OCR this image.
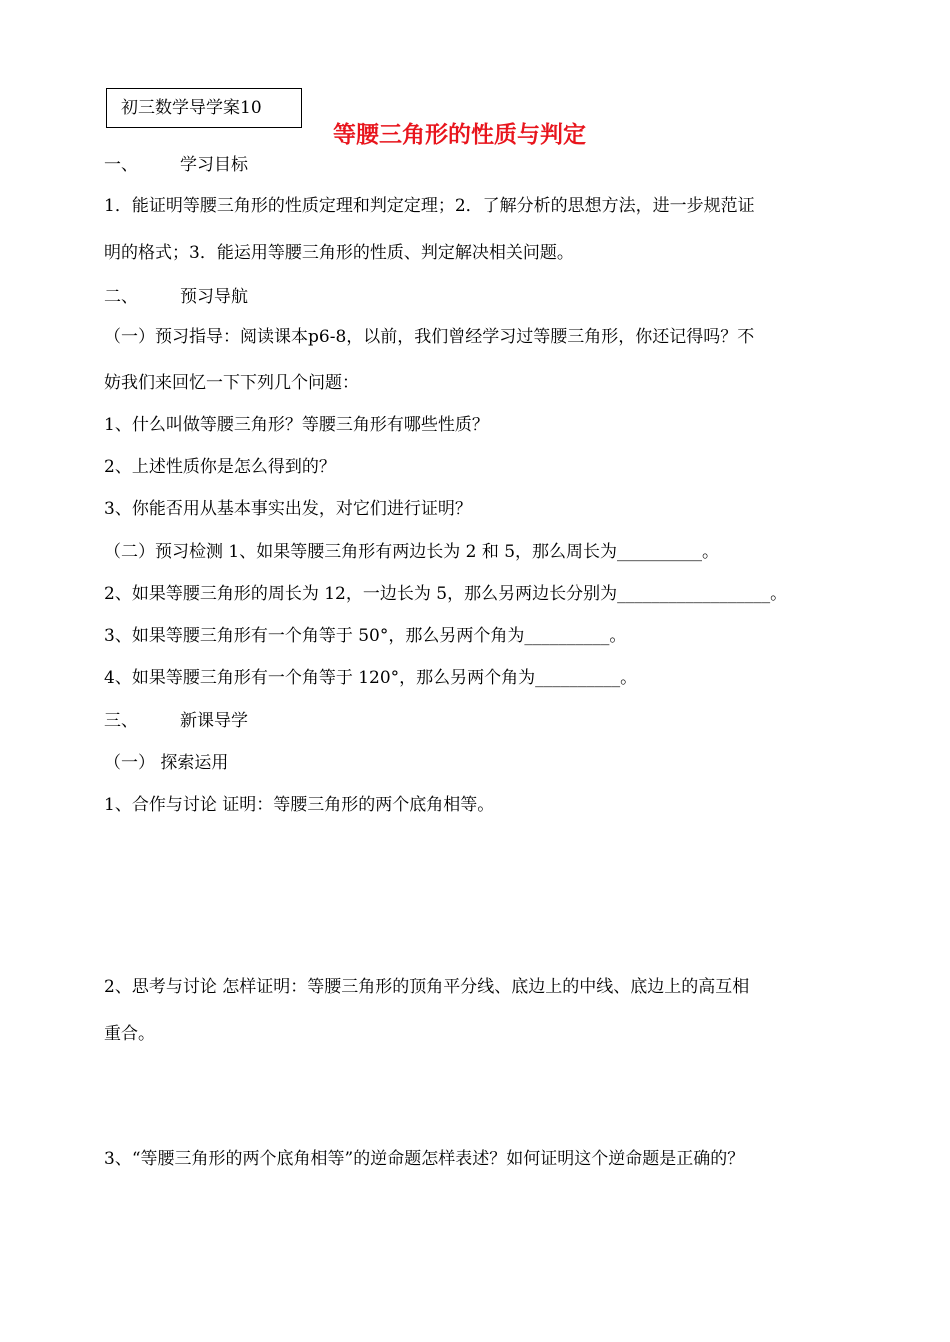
初三数学导学案10
等腰三角形的性质与判定
一、 学习目标
1．能证明等腰三角形的性质定理和判定定理；2．了解分析的思想方法，进一步规范证
明的格式；3．能运用等腰三角形的性质、判定解决相关问题。
二、 预习导航
（一）预习指导：阅读课本p6-8，以前，我们曾经学习过等腰三角形，你还记得吗？不
妨我们来回忆一下下列几个问题：
1、什么叫做等腰三角形？等腰三角形有哪些性质？
2、上述性质你是怎么得到的？
3、你能否用从基本事实出发，对它们进行证明？
（二）预习检测 1、如果等腰三角形有两边长为 2 和 5，那么周长为__________。
2、如果等腰三角形的周长为 12，一边长为 5，那么另两边长分别为__________________。
3、如果等腰三角形有一个角等于 50°，那么另两个角为__________。
4、如果等腰三角形有一个角等于 120°，那么另两个角为__________。
三、 新课导学
（一） 探索运用
1、合作与讨论 证明：等腰三角形的两个底角相等。
2、思考与讨论 怎样证明：等腰三角形的顶角平分线、底边上的中线、底边上的高互相
重合。
3、“等腰三角形的两个底角相等”的逆命题怎样表述？如何证明这个逆命题是正确的？
